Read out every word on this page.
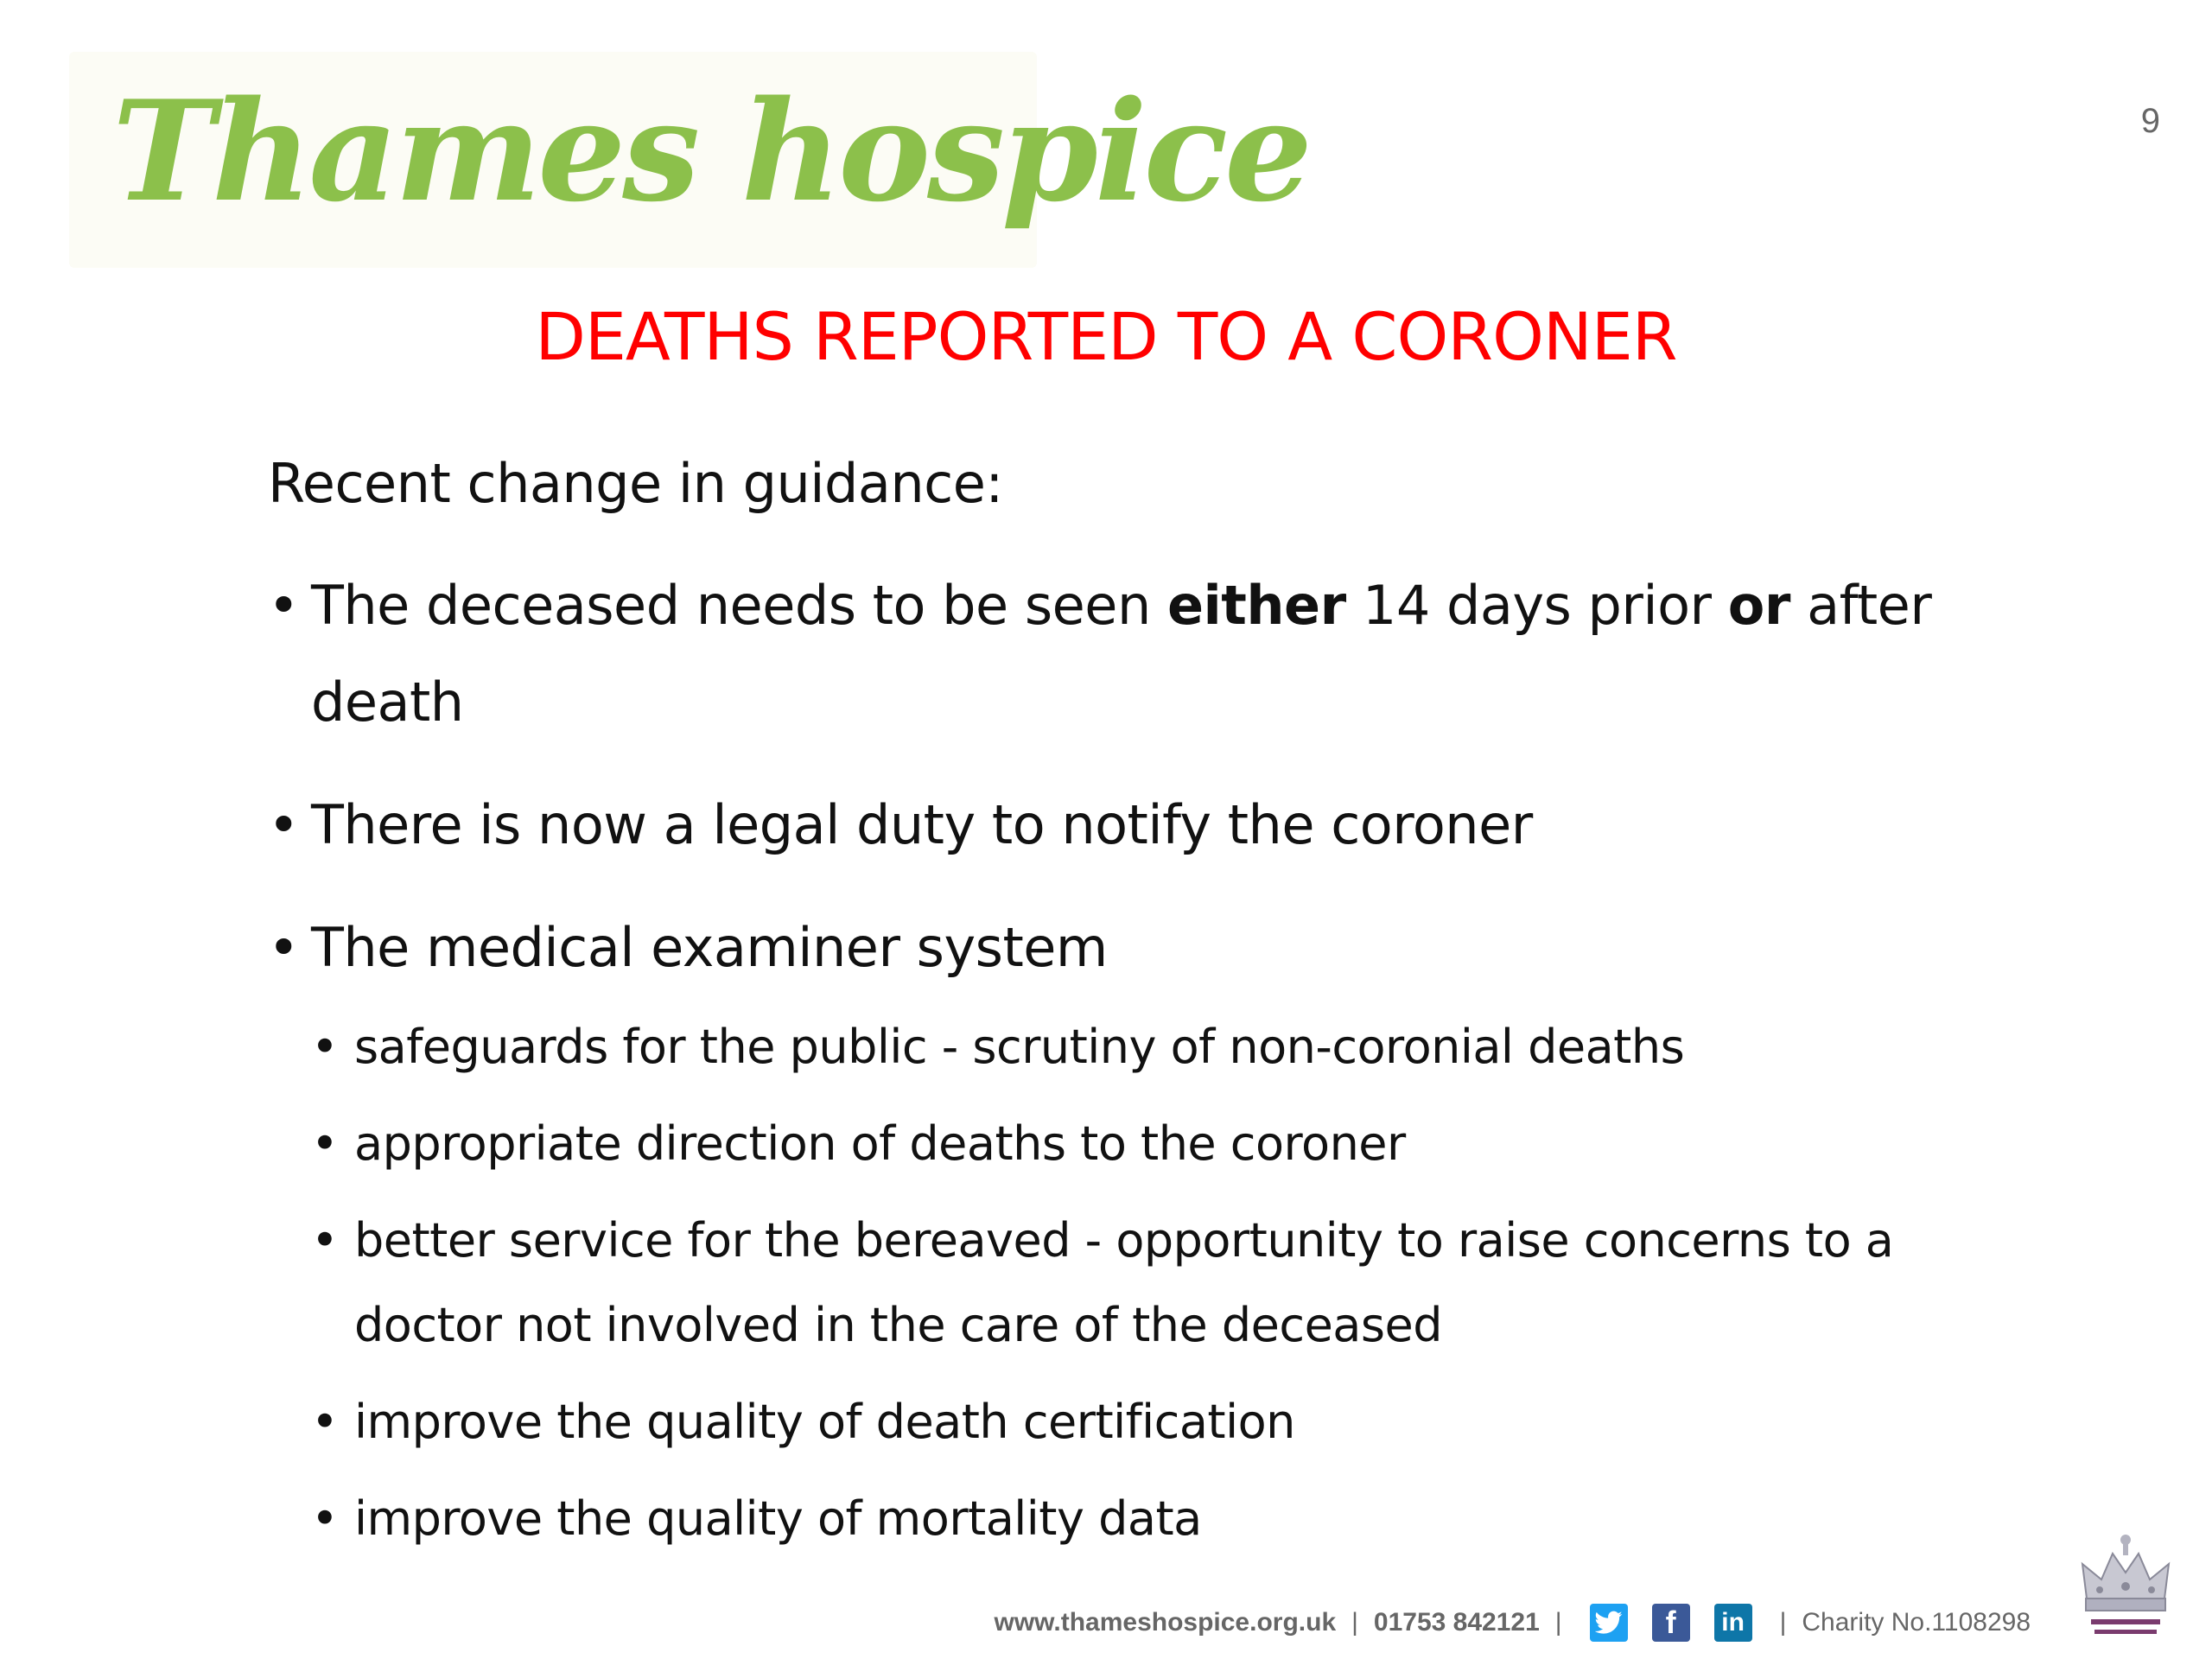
Thames hospice	9
DEATHS REPORTED TO A CORONER

Recent change in guidance:

• The deceased needs to be seen either 14 days prior or after death
• There is now a legal duty to notify the coroner
• The medical examiner system
• safeguards for the public - scrutiny of non-coronial deaths
• appropriate direction of deaths to the coroner
• better service for the bereaved - opportunity to raise concerns to a doctor not involved in the care of the deceased
• improve the quality of death certification
• improve the quality of mortality data
www.thameshospice.org.uk | 01753 842121 |	f in | Charity No.1108298
